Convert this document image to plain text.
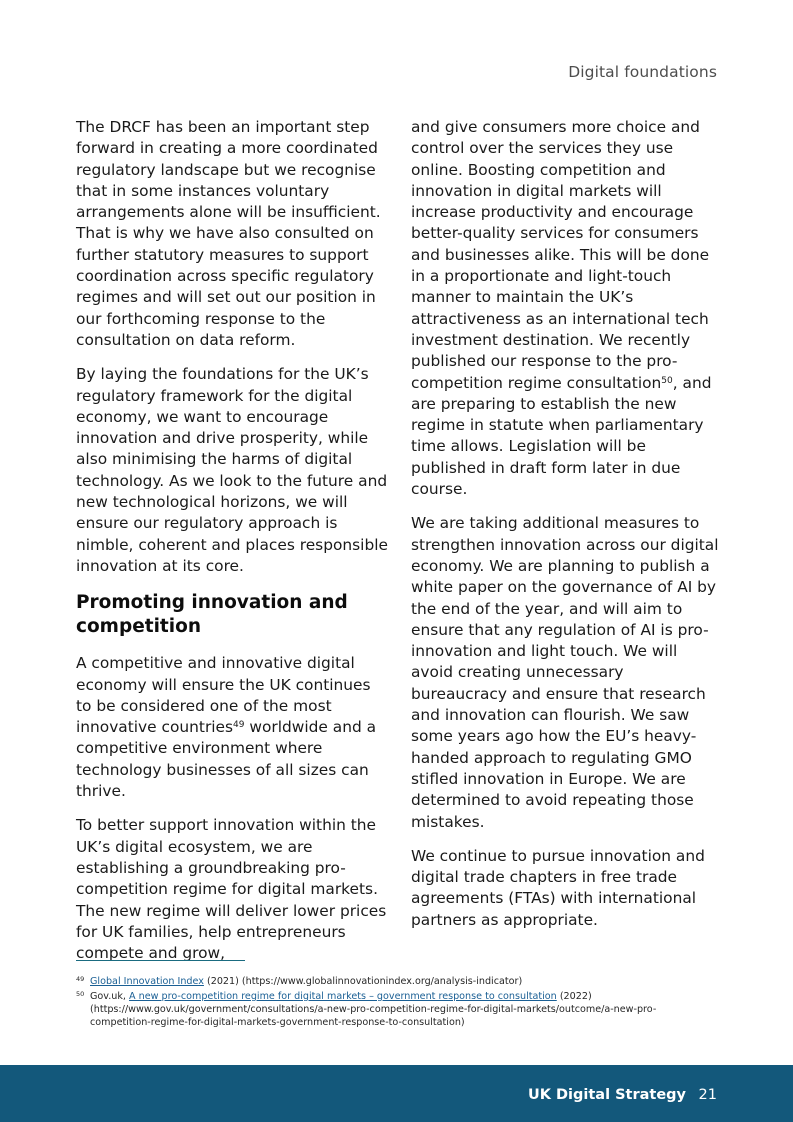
Digital foundations

The DRCF has been an important step forward in creating a more coordinated regulatory landscape but we recognise that in some instances voluntary arrangements alone will be insufficient. That is why we have also consulted on further statutory measures to support coordination across specific regulatory regimes and will set out our position in our forthcoming response to the consultation on data reform.

By laying the foundations for the UK’s regulatory framework for the digital economy, we want to encourage innovation and drive prosperity, while also minimising the harms of digital technology. As we look to the future and new technological horizons, we will ensure our regulatory approach is nimble, coherent and places responsible innovation at its core.

Promoting innovation and competition

A competitive and innovative digital economy will ensure the UK continues to be considered one of the most innovative countries$^{49}$ worldwide and a competitive environment where technology businesses of all sizes can thrive.

To better support innovation within the UK’s digital ecosystem, we are establishing a groundbreaking pro-competition regime for digital markets. The new regime will deliver lower prices for UK families, help entrepreneurs compete and grow,

and give consumers more choice and control over the services they use online. Boosting competition and innovation in digital markets will increase productivity and encourage better-quality services for consumers and businesses alike. This will be done in a proportionate and light-touch manner to maintain the UK’s attractiveness as an international tech investment destination. We recently published our response to the pro-competition regime consultation$^{50}$, and are preparing to establish the new regime in statute when parliamentary time allows. Legislation will be published in draft form later in due course.

We are taking additional measures to strengthen innovation across our digital economy. We are planning to publish a white paper on the governance of AI by the end of the year, and will aim to ensure that any regulation of AI is pro-innovation and light touch. We will avoid creating unnecessary bureaucracy and ensure that research and innovation can flourish. We saw some years ago how the EU’s heavy-handed approach to regulating GMO stifled innovation in Europe. We are determined to avoid repeating those mistakes.

We continue to pursue innovation and digital trade chapters in free trade agreements (FTAs) with international partners as appropriate.

49 Global Innovation Index (2021) (https://www.globalinnovationindex.org/analysis-indicator)
50 Gov.uk, A new pro-competition regime for digital markets – government response to consultation (2022) (https://www.gov.uk/government/consultations/a-new-pro-competition-regime-for-digital-markets/outcome/a-new-pro-competition-regime-for-digital-markets-government-response-to-consultation)
UK Digital Strategy 21
